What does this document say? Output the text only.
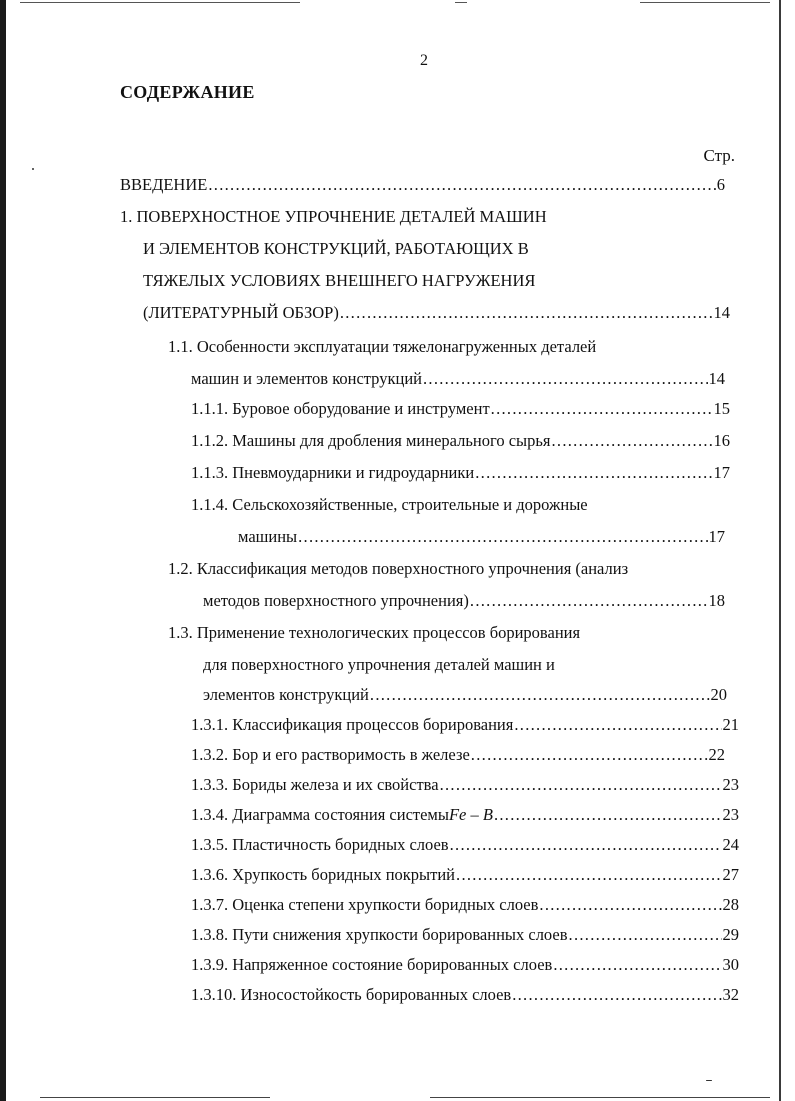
2
СОДЕРЖАНИЕ
Стр.
ВВЕДЕНИЕ .....	6
1. ПОВЕРХНОСТНОЕ УПРОЧНЕНИЕ ДЕТАЛЕЙ МАШИН
И ЭЛЕМЕНТОВ КОНСТРУКЦИЙ, РАБОТАЮЩИХ В
ТЯЖЕЛЫХ УСЛОВИЯХ ВНЕШНЕГО НАГРУЖЕНИЯ
(ЛИТЕРАТУРНЫЙ ОБЗОР) .....	14
1.1. Особенности эксплуатации тяжелонагруженных деталей
машин и элементов конструкций .....	14
1.1.1. Буровое оборудование и инструмент .....	15
1.1.2. Машины для дробления минерального сырья .....	16
1.1.3. Пневмоударники и гидроударники .....	17
1.1.4. Сельскохозяйственные, строительные и дорожные
машины .....	17
1.2. Классификация методов поверхностного упрочнения (анализ
методов поверхностного упрочнения) .....	18
1.3. Применение технологических процессов борирования
для поверхностного упрочнения деталей машин и
элементов конструкций .....	20
1.3.1. Классификация процессов борирования .....	21
1.3.2. Бор и его растворимость в железе .....	22
1.3.3. Бориды железа и их свойства .....	23
1.3.4. Диаграмма состояния системы Fe – B .....	23
1.3.5. Пластичность боридных слоев .....	24
1.3.6. Хрупкость боридных покрытий .....	27
1.3.7. Оценка степени хрупкости боридных слоев .....	28
1.3.8. Пути снижения хрупкости борированных слоев .....	29
1.3.9. Напряженное состояние борированных слоев .....	30
1.3.10. Износостойкость борированных слоев .....	32
